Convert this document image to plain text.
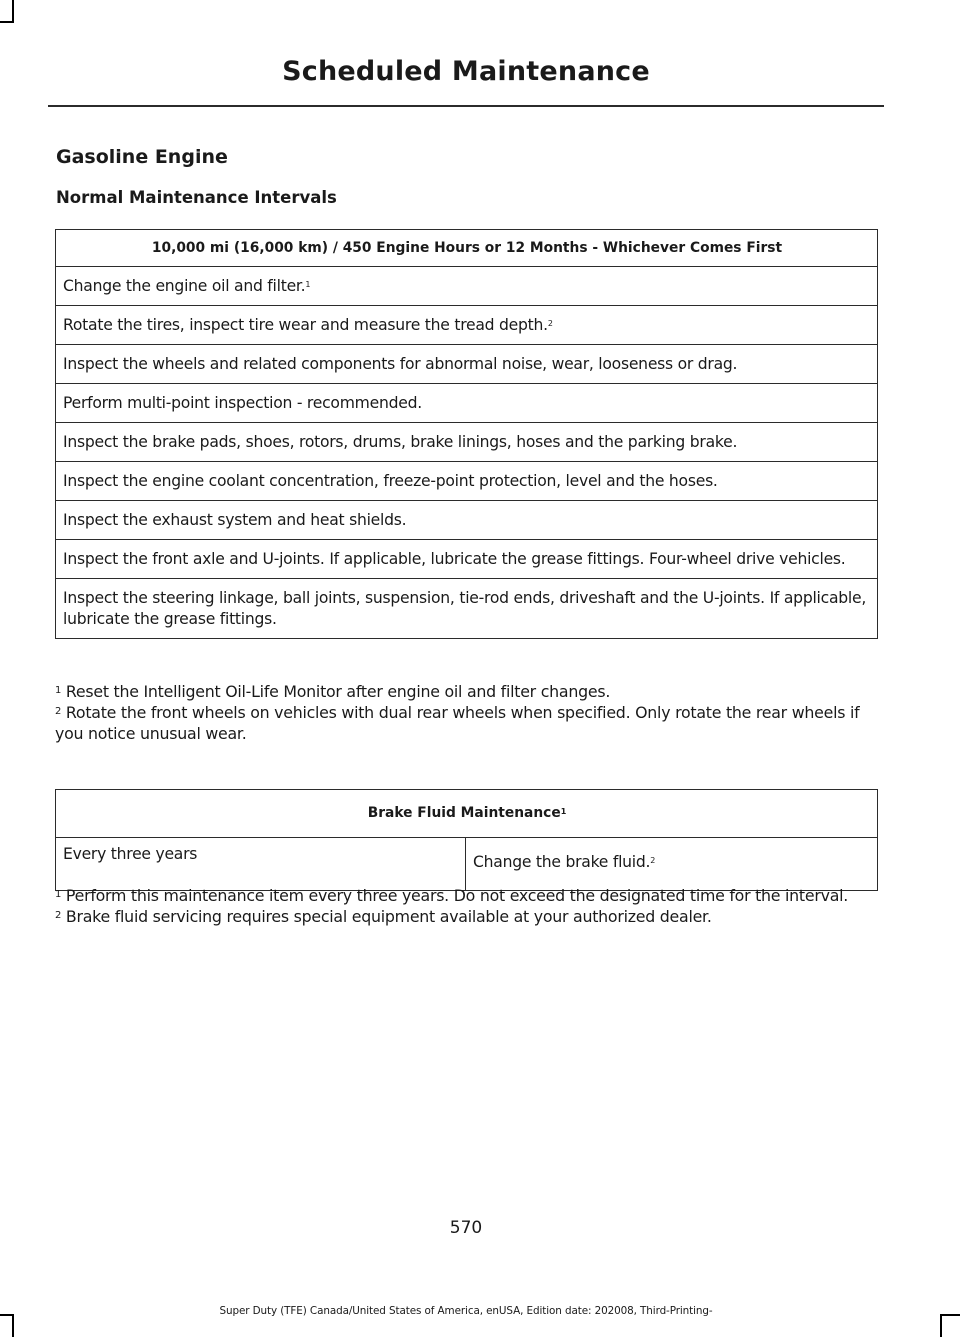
Scheduled Maintenance
Gasoline Engine
Normal Maintenance Intervals
10,000 mi (16,000 km) / 450 Engine Hours or 12 Months - Whichever Comes First
Change the engine oil and filter.$^1$
Rotate the tires, inspect tire wear and measure the tread depth.$^2$
Inspect the wheels and related components for abnormal noise, wear, looseness or drag.
Perform multi-point inspection - recommended.
Inspect the brake pads, shoes, rotors, drums, brake linings, hoses and the parking brake.
Inspect the engine coolant concentration, freeze-point protection, level and the hoses.
Inspect the exhaust system and heat shields.
Inspect the front axle and U-joints. If applicable, lubricate the grease fittings. Four-wheel drive vehicles.
Inspect the steering linkage, ball joints, suspension, tie-rod ends, driveshaft and the U-joints. If applicable, lubricate the grease fittings.

$^1$ Reset the Intelligent Oil-Life Monitor after engine oil and filter changes.

$^2$ Rotate the front wheels on vehicles with dual rear wheels when specified. Only rotate the rear wheels if you notice unusual wear.

Brake Fluid Maintenance$^1$
Every three years	Change the brake fluid.$^2$

$^1$ Perform this maintenance item every three years. Do not exceed the designated time for the interval.

$^2$ Brake fluid servicing requires special equipment available at your authorized dealer.

570
Super Duty (TFE) Canada/United States of America, enUSA, Edition date: 202008, Third-Printing-
